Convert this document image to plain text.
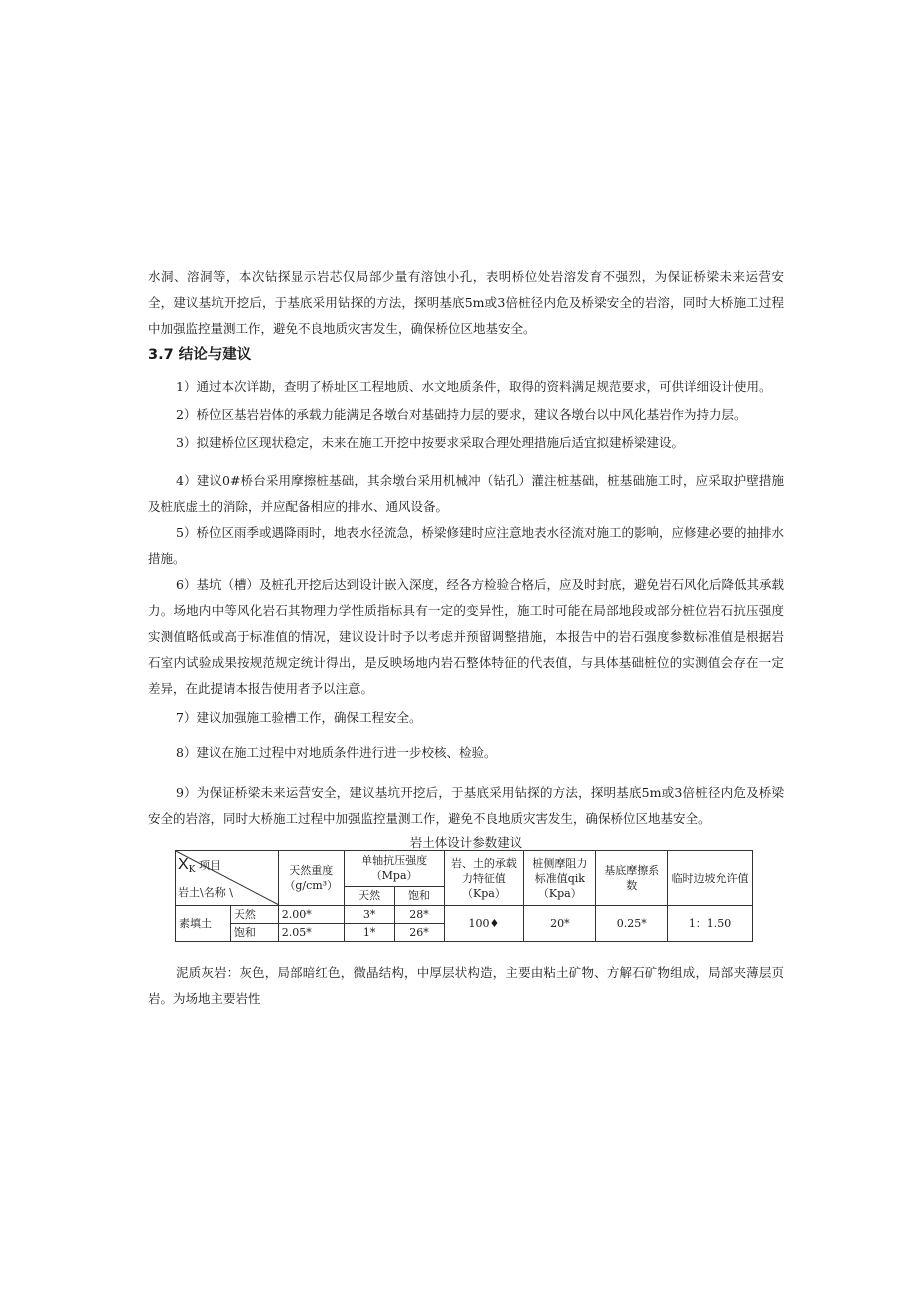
水洞、溶洞等，本次钻探显示岩芯仅局部少量有溶蚀小孔，表明桥位处岩溶发育不强烈，为保证桥梁未来运营安全，建议基坑开挖后，于基底采用钻探的方法，探明基底5m或3倍桩径内危及桥梁安全的岩溶，同时大桥施工过程中加强监控量测工作，避免不良地质灾害发生，确保桥位区地基安全。

3.7 结论与建议

1）通过本次详勘，查明了桥址区工程地质、水文地质条件，取得的资料满足规范要求，可供详细设计使用。

2）桥位区基岩岩体的承载力能满足各墩台对基础持力层的要求，建议各墩台以中风化基岩作为持力层。

3）拟建桥位区现状稳定，未来在施工开挖中按要求采取合理处理措施后适宜拟建桥梁建设。

4）建议0#桥台采用摩擦桩基础，其余墩台采用机械冲（钻孔）灌注桩基础，桩基础施工时，应采取护壁措施及桩底虚土的消除，并应配备相应的排水、通风设备。

5）桥位区雨季或遇降雨时，地表水径流急，桥梁修建时应注意地表水径流对施工的影响，应修建必要的抽排水措施。

6）基坑（槽）及桩孔开挖后达到设计嵌入深度，经各方检验合格后，应及时封底，避免岩石风化后降低其承载力。场地内中等风化岩石其物理力学性质指标具有一定的变异性，施工时可能在局部地段或部分桩位岩石抗压强度实测值略低或高于标准值的情况，建议设计时予以考虑并预留调整措施，本报告中的岩石强度参数标准值是根据岩石室内试验成果按规范规定统计得出，是反映场地内岩石整体特征的代表值，与具体基础桩位的实测值会存在一定差异，在此提请本报告使用者予以注意。

7）建议加强施工验槽工作，确保工程安全。

8）建议在施工过程中对地质条件进行进一步校核、检验。

9）为保证桥梁未来运营安全，建议基坑开挖后，于基底采用钻探的方法，探明基底5m或3倍桩径内危及桥梁安全的岩溶，同时大桥施工过程中加强监控量测工作，避免不良地质灾害发生，确保桥位区地基安全。

岩土体设计参数建议

$X_K$ 项目
岩土\名称 \		天然重度（g/cm³）	单轴抗压强度（Mpa）		岩、土的承载力特征值（Kpa）	桩侧摩阻力标准值qik（Kpa）	基底摩擦系数	临时边坡允许值
			天然	饱和				
素填土	天然	2.00*	3*	28*	100♦	20*	0.25*	1：1.50
	饱和	2.05*	1*	26*				

泥质灰岩：灰色，局部暗红色，微晶结构，中厚层状构造，主要由粘土矿物、方解石矿物组成，局部夹薄层页岩。为场地主要岩性
